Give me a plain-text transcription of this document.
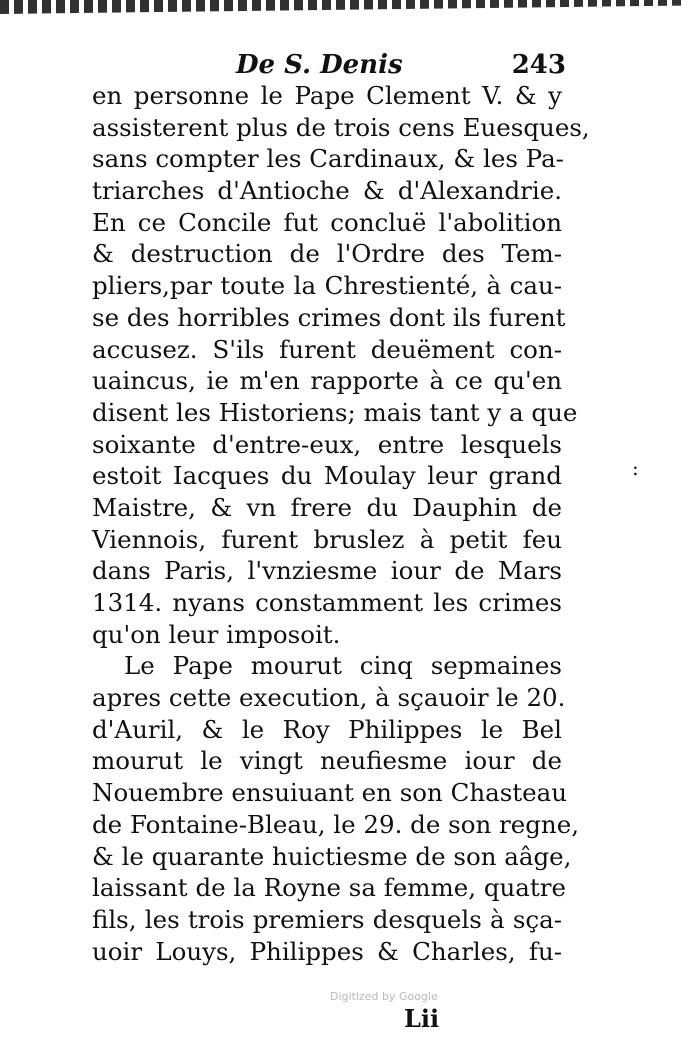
De S. Denis	243
en personne le Pape Clement V. & y
assisterent plus de trois cens Euesques,
sans compter les Cardinaux, & les Pa-
triarches d'Antioche & d'Alexandrie.
En ce Concile fut concluë l'abolition
& destruction de l'Ordre des Tem-
pliers,par toute la Chrestienté, à cau-
se des horribles crimes dont ils furent
accusez. S'ils furent deuëment con-
uaincus, ie m'en rapporte à ce qu'en
disent les Historiens; mais tant y a que
soixante d'entre-eux, entre lesquels
estoit Iacques du Moulay leur grand
Maistre, & vn frere du Dauphin de
Viennois, furent bruslez à petit feu
dans Paris, l'vnziesme iour de Mars
1314. nyans constamment les crimes
qu'on leur imposoit.
Le Pape mourut cinq sepmaines
apres cette execution, à sçauoir le 20.
d'Auril, & le Roy Philippes le Bel
mourut le vingt neufiesme iour de
Nouembre ensuiuant en son Chasteau
de Fontaine-Bleau, le 29. de son regne,
& le quarante huictiesme de son aâge,
laissant de la Royne sa femme, quatre
fils, les trois premiers desquels à sça-
uoir Louys, Philippes & Charles, fu-
:
Digitized by Google
Lii
